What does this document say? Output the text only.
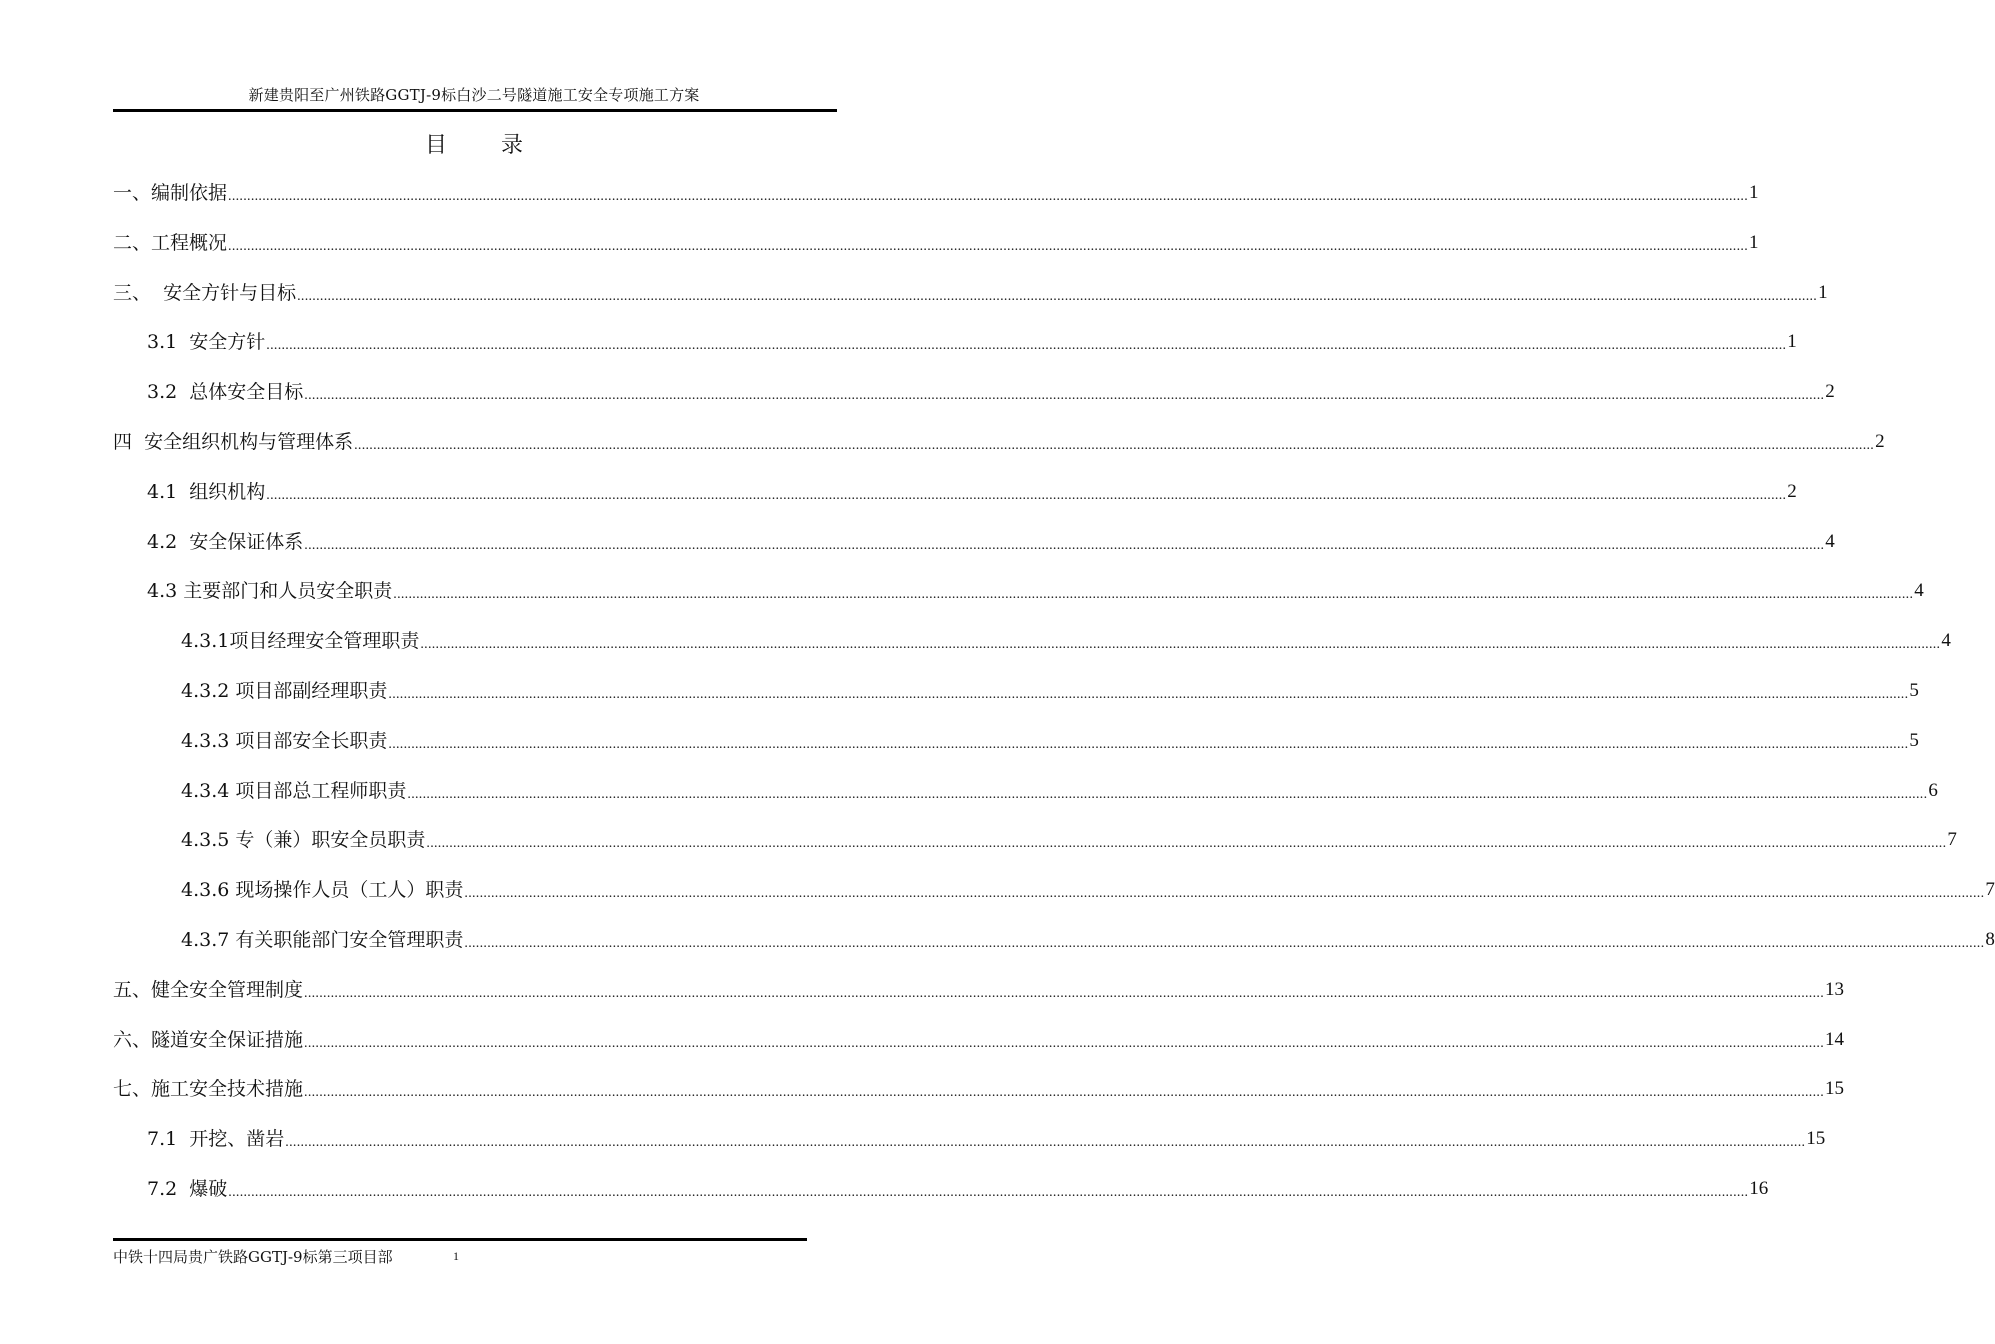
新建贵阳至广州铁路GGTJ-9标白沙二号隧道施工安全专项施工方案
目 录
一、编制依据 ................................................................................................................................................................................................................................................................................................................................................................................................................ 1
二、工程概况 ................................................................................................................................................................................................................................................................................................................................................................................................................ 1
三、  安全方针与目标 ................................................................................................................................................................................................................................................................................................................................................................................................................ 1
3.1  安全方针 ................................................................................................................................................................................................................................................................................................................................................................................................................ 1
3.2  总体安全目标 ................................................................................................................................................................................................................................................................................................................................................................................................................ 2
四  安全组织机构与管理体系 ................................................................................................................................................................................................................................................................................................................................................................................................................ 2
4.1  组织机构 ................................................................................................................................................................................................................................................................................................................................................................................................................ 2
4.2  安全保证体系 ................................................................................................................................................................................................................................................................................................................................................................................................................ 4
4.3 主要部门和人员安全职责 ................................................................................................................................................................................................................................................................................................................................................................................................................ 4
4.3.1项目经理安全管理职责 ................................................................................................................................................................................................................................................................................................................................................................................................................ 4
4.3.2 项目部副经理职责 ................................................................................................................................................................................................................................................................................................................................................................................................................ 5
4.3.3 项目部安全长职责 ................................................................................................................................................................................................................................................................................................................................................................................................................ 5
4.3.4 项目部总工程师职责 ................................................................................................................................................................................................................................................................................................................................................................................................................ 6
4.3.5 专（兼）职安全员职责 ................................................................................................................................................................................................................................................................................................................................................................................................................ 7
4.3.6 现场操作人员（工人）职责 ................................................................................................................................................................................................................................................................................................................................................................................................................ 7
4.3.7 有关职能部门安全管理职责 ................................................................................................................................................................................................................................................................................................................................................................................................................ 8
五、健全安全管理制度 ................................................................................................................................................................................................................................................................................................................................................................................................................ 13
六、隧道安全保证措施 ................................................................................................................................................................................................................................................................................................................................................................................................................ 14
七、施工安全技术措施 ................................................................................................................................................................................................................................................................................................................................................................................................................ 15
7.1  开挖、凿岩 ................................................................................................................................................................................................................................................................................................................................................................................................................ 15
7.2  爆破 ................................................................................................................................................................................................................................................................................................................................................................................................................ 16
中铁十四局贵广铁路GGTJ-9标第三项目部	1
